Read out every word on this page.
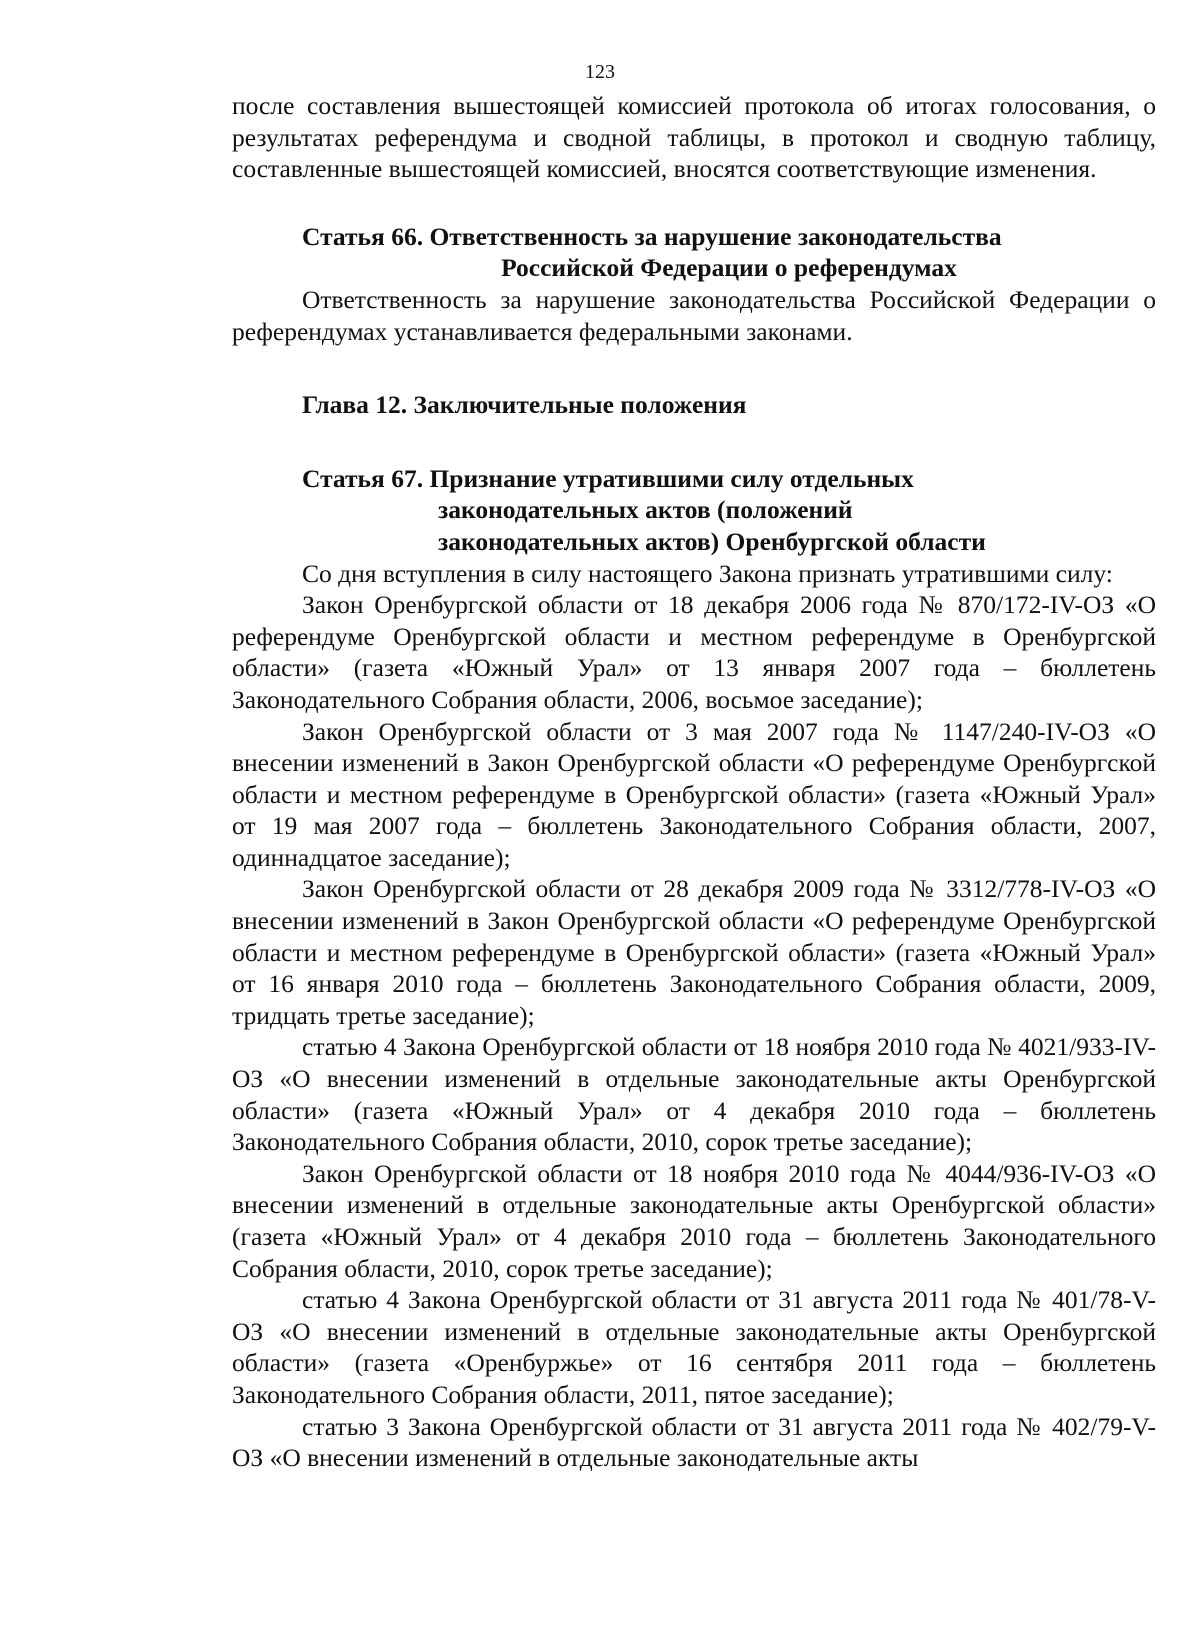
123

после составления вышестоящей комиссией протокола об итогах голосования, о результатах референдума и сводной таблицы, в протокол и сводную таблицу, составленные вышестоящей комиссией, вносятся соответствующие изменения.

Статья 66. Ответственность за нарушение законодательства
Российской Федерации о референдумах

Ответственность за нарушение законодательства Российской Федерации о референдумах устанавливается федеральными законами.

Глава 12. Заключительные положения
Статья 67. Признание утратившими силу отдельных
законодательных актов (положений
законодательных актов) Оренбургской области

Со дня вступления в силу настоящего Закона признать утратившими силу:

Закон Оренбургской области от 18 декабря 2006 года № 870/172-IV-ОЗ «О референдуме Оренбургской области и местном референдуме в Оренбургской области» (газета «Южный Урал» от 13 января 2007 года – бюллетень Законодательного Собрания области, 2006, восьмое заседание);

Закон Оренбургской области от 3 мая 2007 года № 1147/240-IV-ОЗ «О внесении изменений в Закон Оренбургской области «О референдуме Оренбургской области и местном референдуме в Оренбургской области» (газета «Южный Урал» от 19 мая 2007 года – бюллетень Законодательного Собрания области, 2007, одиннадцатое заседание);

Закон Оренбургской области от 28 декабря 2009 года № 3312/778-IV-ОЗ «О внесении изменений в Закон Оренбургской области «О референдуме Оренбургской области и местном референдуме в Оренбургской области» (газета «Южный Урал» от 16 января 2010 года – бюллетень Законодательного Собрания области, 2009, тридцать третье заседание);

статью 4 Закона Оренбургской области от 18 ноября 2010 года № 4021/933-IV-ОЗ «О внесении изменений в отдельные законодательные акты Оренбургской области» (газета «Южный Урал» от 4 декабря 2010 года – бюллетень Законодательного Собрания области, 2010, сорок третье заседание);

Закон Оренбургской области от 18 ноября 2010 года № 4044/936-IV-ОЗ «О внесении изменений в отдельные законодательные акты Оренбургской области» (газета «Южный Урал» от 4 декабря 2010 года – бюллетень Законодательного Собрания области, 2010, сорок третье заседание);

статью 4 Закона Оренбургской области от 31 августа 2011 года № 401/78-V-ОЗ «О внесении изменений в отдельные законодательные акты Оренбургской области» (газета «Оренбуржье» от 16 сентября 2011 года – бюллетень Законодательного Собрания области, 2011, пятое заседание);

статью 3 Закона Оренбургской области от 31 августа 2011 года № 402/79-V-ОЗ «О внесении изменений в отдельные законодательные акты
